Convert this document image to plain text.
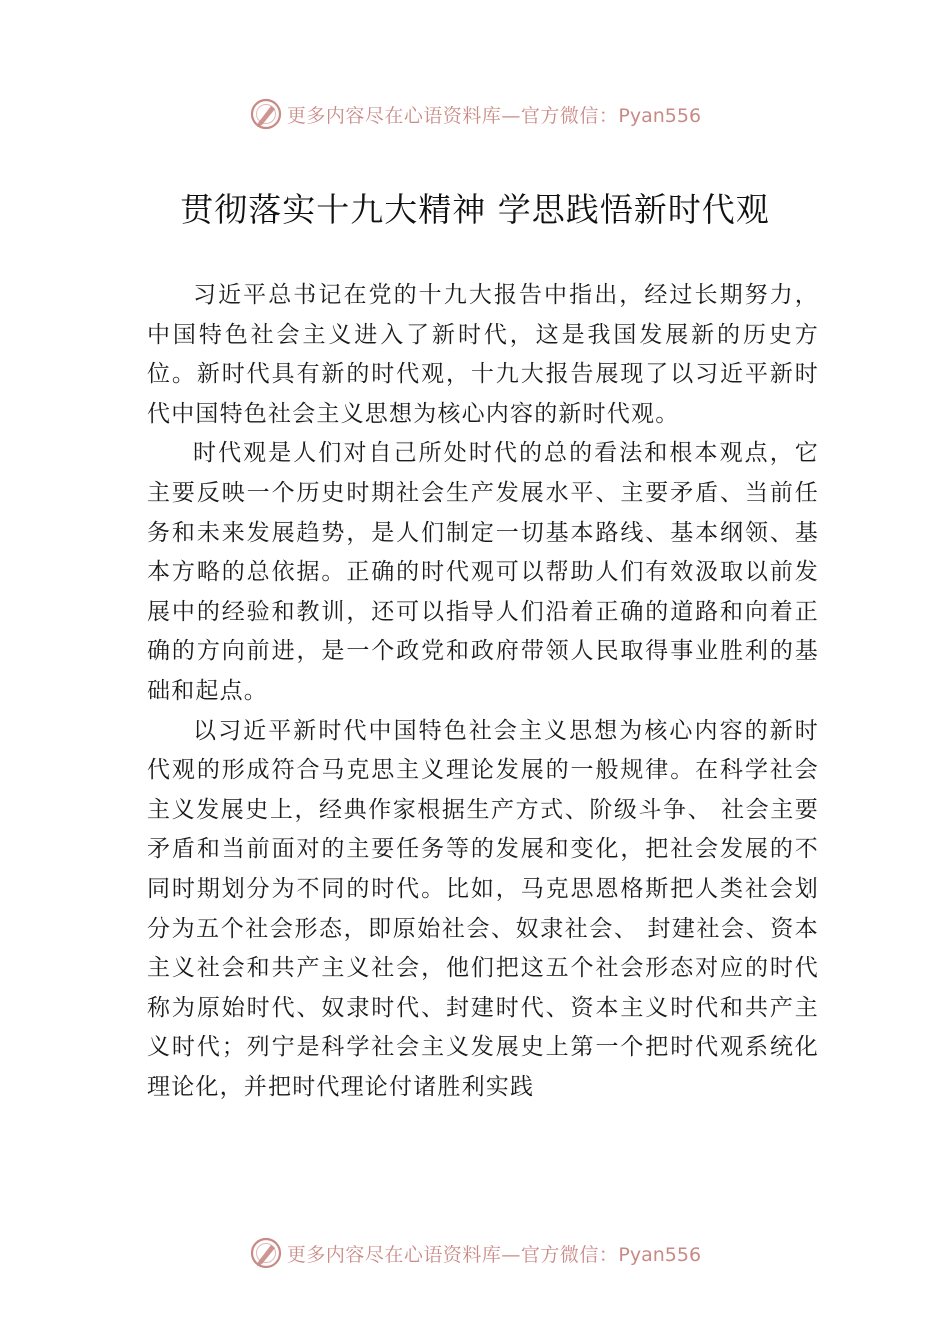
更多内容尽在心语资料库—官方微信：Pyan556
贯彻落实十九大精神 学思践悟新时代观

习近平总书记在党的十九大报告中指出，经过长期努力，中国特色社会主义进入了新时代，这是我国发展新的历史方位。新时代具有新的时代观，十九大报告展现了以习近平新时代中国特色社会主义思想为核心内容的新时代观。

时代观是人们对自己所处时代的总的看法和根本观点，它主要反映一个历史时期社会生产发展水平、主要矛盾、当前任务和未来发展趋势，是人们制定一切基本路线、基本纲领、基本方略的总依据。正确的时代观可以帮助人们有效汲取以前发展中的经验和教训，还可以指导人们沿着正确的道路和向着正确的方向前进，是一个政党和政府带领人民取得事业胜利的基础和起点。

以习近平新时代中国特色社会主义思想为核心内容的新时代观的形成符合马克思主义理论发展的一般规律。在科学社会主义发展史上，经典作家根据生产方式、阶级斗争、 社会主要矛盾和当前面对的主要任务等的发展和变化，把社会发展的不同时期划分为不同的时代。比如，马克思恩格斯把人类社会划分为五个社会形态，即原始社会、奴隶社会、 封建社会、资本主义社会和共产主义社会，他们把这五个社会形态对应的时代称为原始时代、奴隶时代、封建时代、资本主义时代和共产主义时代；列宁是科学社会主义发展史上第一个把时代观系统化理论化，并把时代理论付诸胜利实践

更多内容尽在心语资料库—官方微信：Pyan556
